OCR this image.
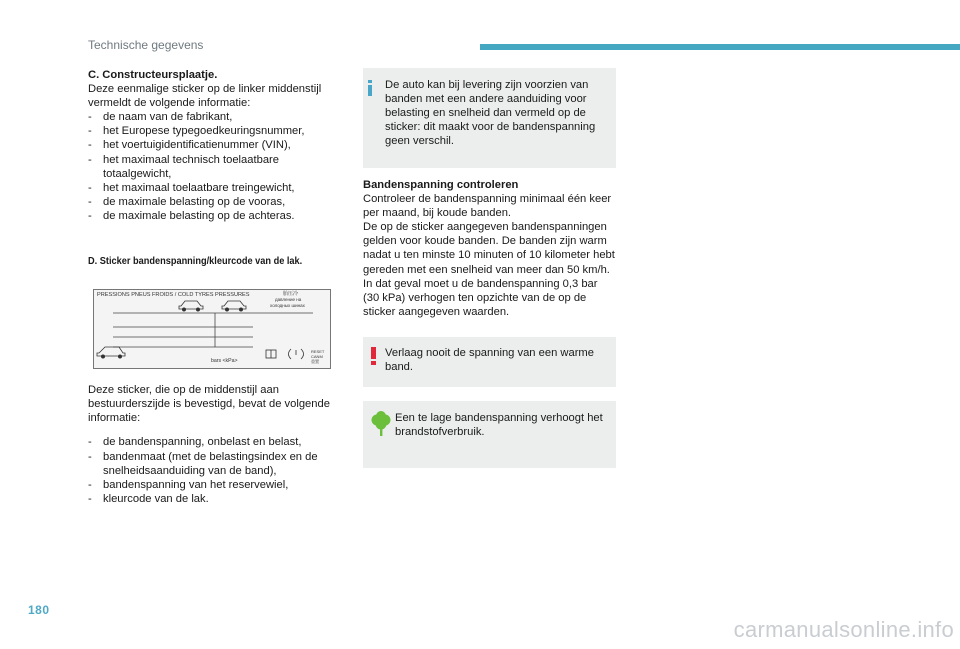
Technische gegevens
C. Constructeursplaatje.
Deze eenmalige sticker op de linker middenstijl vermeldt de volgende informatie:
- de naam van de fabrikant,
- het Europese typegoedkeuringsnummer,
- het voertuigidentificatienummer (VIN),
- het maximaal technisch toelaatbare totaalgewicht,
- het maximaal toelaatbare treingewicht,
- de maximale belasting op de vooras,
- de maximale belasting op de achteras.
D. Sticker bandenspanning/kleurcode van de lak.
PRESSIONS PNEUS FROIDS / COLD TYRES PRESSURES	胎压冷
давление на
холодных шинах
bars <kPa>
RESET
CANM
重置
Deze sticker, die op de middenstijl aan bestuurderszijde is bevestigd, bevat de volgende informatie:
- de bandenspanning, onbelast en belast,
- bandenmaat (met de belastingsindex en de snelheidsaanduiding van de band),
- bandenspanning van het reservewiel,
- kleurcode van de lak.
De auto kan bij levering zijn voorzien van banden met een andere aanduiding voor belasting en snelheid dan vermeld op de sticker: dit maakt voor de bandenspanning geen verschil.
Bandenspanning controleren
Controleer de bandenspanning minimaal één keer per maand, bij koude banden.
De op de sticker aangegeven bandenspanningen gelden voor koude banden. De banden zijn warm nadat u ten minste 10 minuten of 10 kilometer hebt gereden met een snelheid van meer dan 50 km/h. In dat geval moet u de bandenspanning 0,3 bar (30 kPa) verhogen ten opzichte van de op de sticker aangegeven waarden.
Verlaag nooit de spanning van een warme band.
Een te lage bandenspanning verhoogt het brandstofverbruik.
180
carmanualsonline.info
